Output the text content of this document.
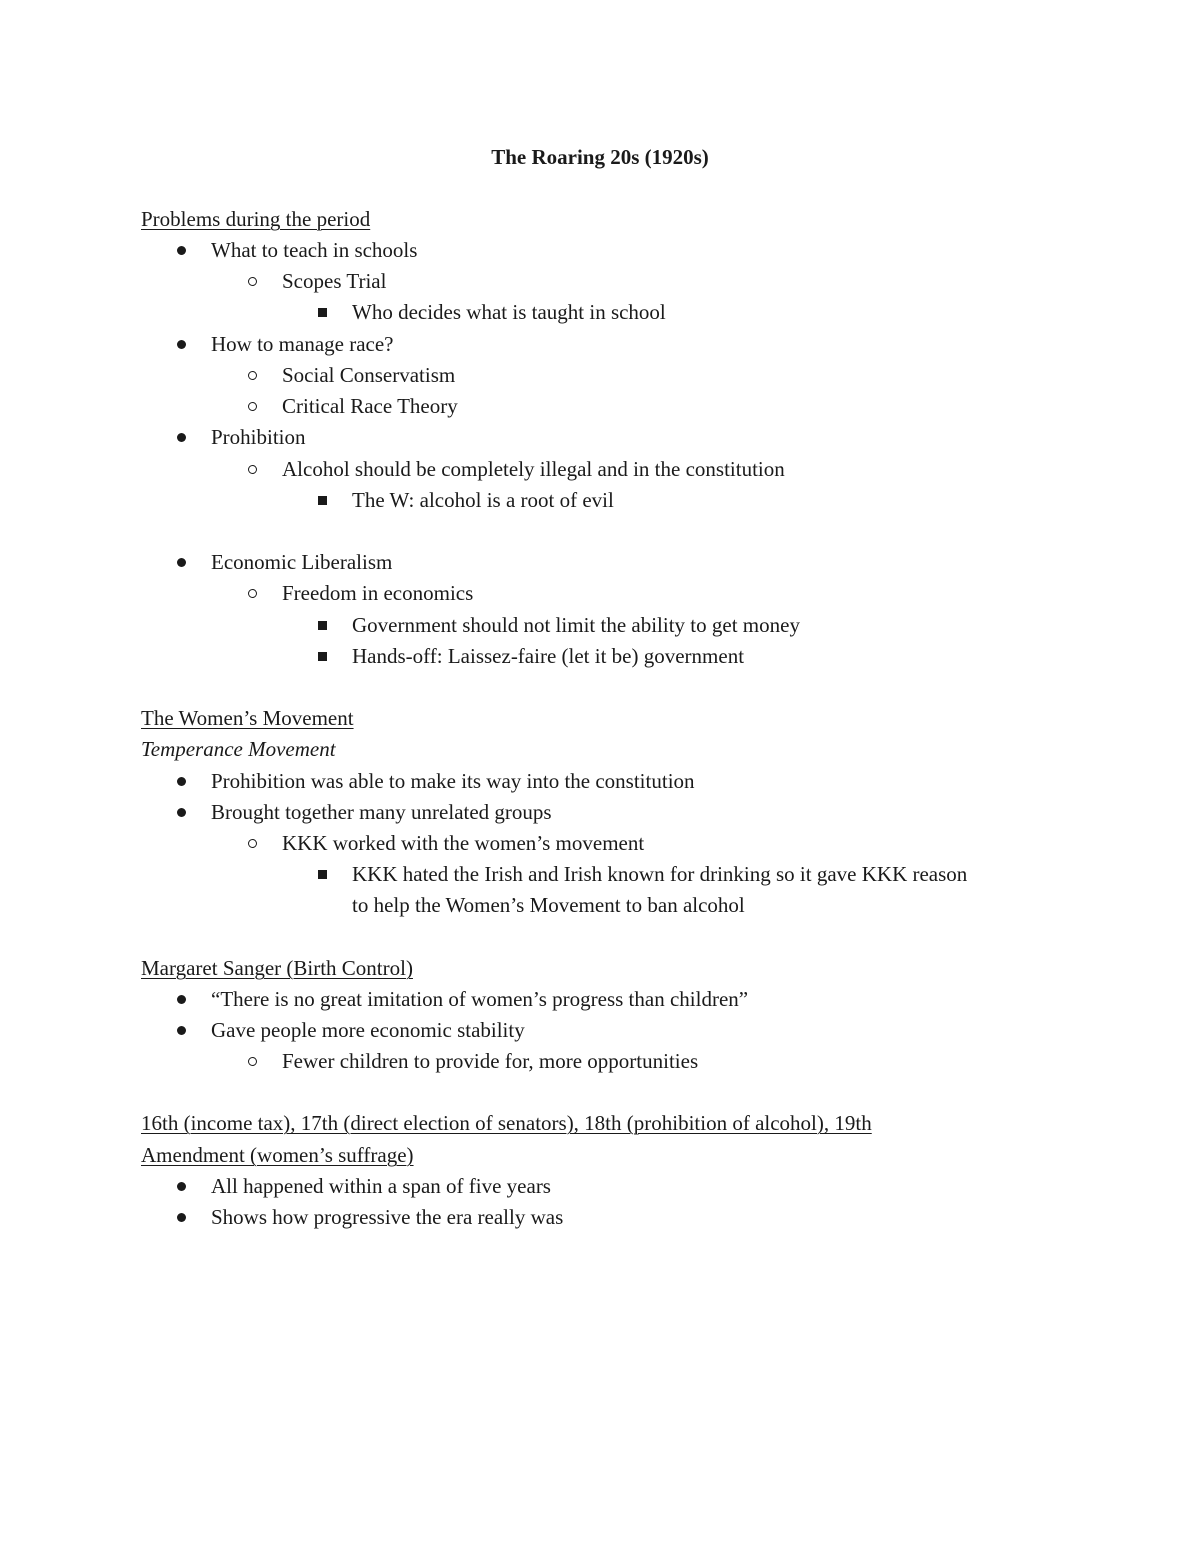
The Roaring 20s (1920s)
Problems during the period
What to teach in schools
Scopes Trial
Who decides what is taught in school
How to manage race?
Social Conservatism
Critical Race Theory
Prohibition
Alcohol should be completely illegal and in the constitution
The W: alcohol is a root of evil
Economic Liberalism
Freedom in economics
Government should not limit the ability to get money
Hands-off: Laissez-faire (let it be) government
The Women’s Movement
Temperance Movement
Prohibition was able to make its way into the constitution
Brought together many unrelated groups
KKK worked with the women’s movement
KKK hated the Irish and Irish known for drinking so it gave KKK reason
to help the Women’s Movement to ban alcohol
Margaret Sanger (Birth Control)
“There is no great imitation of women’s progress than children”
Gave people more economic stability
Fewer children to provide for, more opportunities
16th (income tax), 17th (direct election of senators), 18th (prohibition of alcohol), 19th
Amendment (women’s suffrage)
All happened within a span of five years
Shows how progressive the era really was
